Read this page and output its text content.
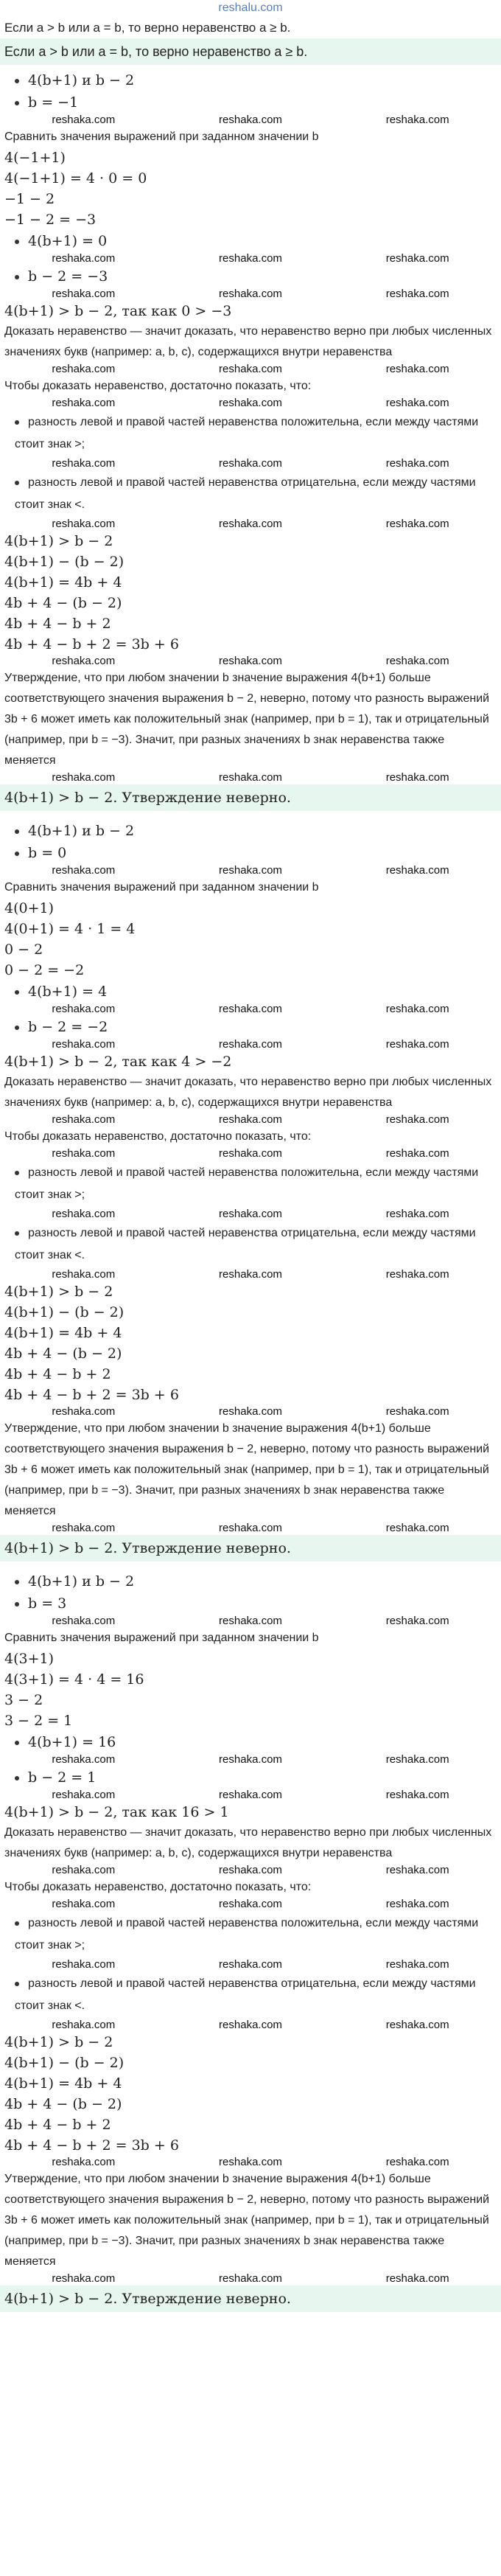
reshalu.com
Если a > b или a = b, то верно неравенство a ≥ b.
Если a > b или a = b, то верно неравенство a ≥ b.
4(b+1) и b − 2
b = −1
reshaka.com	reshaka.com	reshaka.com
Сравнить значения выражений при заданном значении b
4(−1+1)
4(−1+1) = 4 · 0 = 0
−1 − 2
−1 − 2 = −3
4(b+1) = 0
reshaka.com	reshaka.com	reshaka.com
b − 2 = −3
reshaka.com	reshaka.com	reshaka.com
4(b+1) > b − 2, так как 0 > −3
Доказать неравенство — значит доказать, что неравенство верно при любых численных значениях букв (например: a, b, c), содержащихся внутри неравенства
reshaka.com	reshaka.com	reshaka.com
Чтобы доказать неравенство, достаточно показать, что:
reshaka.com	reshaka.com	reshaka.com
разность левой и правой частей неравенства положительна, если между частями стоит знак >;
reshaka.com	reshaka.com	reshaka.com
разность левой и правой частей неравенства отрицательна, если между частями стоит знак <.
reshaka.com	reshaka.com	reshaka.com
4(b+1) > b − 2
4(b+1) − (b − 2)
4(b+1) = 4b + 4
4b + 4 − (b − 2)
4b + 4 − b + 2
4b + 4 − b + 2 = 3b + 6
reshaka.com	reshaka.com	reshaka.com
Утверждение, что при любом значении b значение выражения 4(b+1) больше соответствующего значения выражения b − 2, неверно, потому что разность выражений 3b + 6 может иметь как положительный знак (например, при b = 1), так и отрицательный (например, при b = −3). Значит, при разных значениях b знак неравенства также меняется
reshaka.com	reshaka.com	reshaka.com
4(b+1) > b − 2. Утверждение неверно.
4(b+1) и b − 2
b = 0
reshaka.com	reshaka.com	reshaka.com
Сравнить значения выражений при заданном значении b
4(0+1)
4(0+1) = 4 · 1 = 4
0 − 2
0 − 2 = −2
4(b+1) = 4
reshaka.com	reshaka.com	reshaka.com
b − 2 = −2
reshaka.com	reshaka.com	reshaka.com
4(b+1) > b − 2, так как 4 > −2
Доказать неравенство — значит доказать, что неравенство верно при любых численных значениях букв (например: a, b, c), содержащихся внутри неравенства
reshaka.com	reshaka.com	reshaka.com
Чтобы доказать неравенство, достаточно показать, что:
reshaka.com	reshaka.com	reshaka.com
разность левой и правой частей неравенства положительна, если между частями стоит знак >;
reshaka.com	reshaka.com	reshaka.com
разность левой и правой частей неравенства отрицательна, если между частями стоит знак <.
reshaka.com	reshaka.com	reshaka.com
4(b+1) > b − 2
4(b+1) − (b − 2)
4(b+1) = 4b + 4
4b + 4 − (b − 2)
4b + 4 − b + 2
4b + 4 − b + 2 = 3b + 6
reshaka.com	reshaka.com	reshaka.com
Утверждение, что при любом значении b значение выражения 4(b+1) больше соответствующего значения выражения b − 2, неверно, потому что разность выражений 3b + 6 может иметь как положительный знак (например, при b = 1), так и отрицательный (например, при b = −3). Значит, при разных значениях b знак неравенства также меняется
reshaka.com	reshaka.com	reshaka.com
4(b+1) > b − 2. Утверждение неверно.
4(b+1) и b − 2
b = 3
reshaka.com	reshaka.com	reshaka.com
Сравнить значения выражений при заданном значении b
4(3+1)
4(3+1) = 4 · 4 = 16
3 − 2
3 − 2 = 1
4(b+1) = 16
reshaka.com	reshaka.com	reshaka.com
b − 2 = 1
reshaka.com	reshaka.com	reshaka.com
4(b+1) > b − 2, так как 16 > 1
Доказать неравенство — значит доказать, что неравенство верно при любых численных значениях букв (например: a, b, c), содержащихся внутри неравенства
reshaka.com	reshaka.com	reshaka.com
Чтобы доказать неравенство, достаточно показать, что:
reshaka.com	reshaka.com	reshaka.com
разность левой и правой частей неравенства положительна, если между частями стоит знак >;
reshaka.com	reshaka.com	reshaka.com
разность левой и правой частей неравенства отрицательна, если между частями стоит знак <.
reshaka.com	reshaka.com	reshaka.com
4(b+1) > b − 2
4(b+1) − (b − 2)
4(b+1) = 4b + 4
4b + 4 − (b − 2)
4b + 4 − b + 2
4b + 4 − b + 2 = 3b + 6
reshaka.com	reshaka.com	reshaka.com
Утверждение, что при любом значении b значение выражения 4(b+1) больше соответствующего значения выражения b − 2, неверно, потому что разность выражений 3b + 6 может иметь как положительный знак (например, при b = 1), так и отрицательный (например, при b = −3). Значит, при разных значениях b знак неравенства также меняется
reshaka.com	reshaka.com	reshaka.com
4(b+1) > b − 2. Утверждение неверно.
